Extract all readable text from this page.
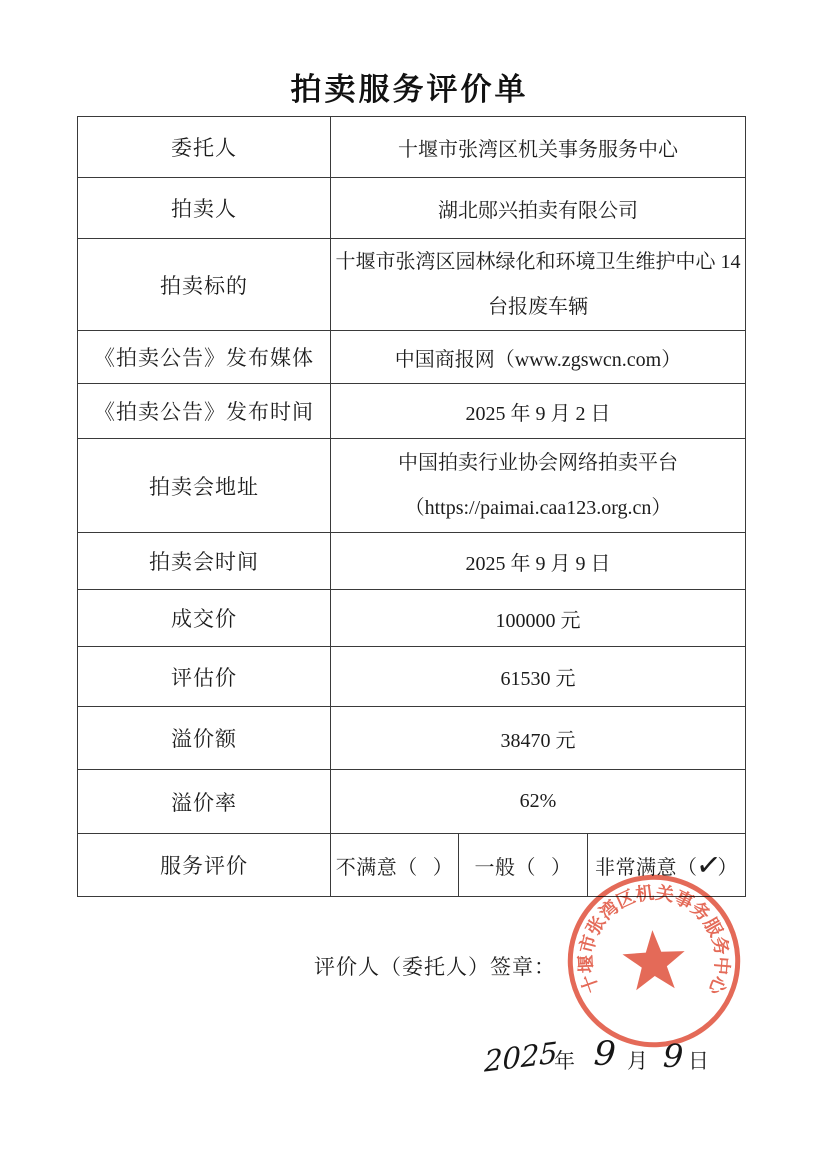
拍卖服务评价单
委托人	十堰市张湾区机关事务服务中心		
拍卖人	湖北郧兴拍卖有限公司		
拍卖标的	十堰市张湾区园林绿化和环境卫生维护中心 14
台报废车辆		

《拍卖公告》发布媒体	中国商报网（www.zgswcn.com）		
《拍卖公告》发布时间	2025 年 9 月 2 日		
拍卖会地址	中国拍卖行业协会网络拍卖平台
（https://paimai.caa123.org.cn）		

拍卖会时间	2025 年 9 月 9 日		
成交价	100000 元		
评估价	61530 元		
溢价额	38470 元		
溢价率	62%		
服务评价	不满意（ ）	一般（ ）	非常满意（✓）
评价人（委托人）签章：
十堰市张湾区机关事务服务中心
2025
年 9 月 9 日
